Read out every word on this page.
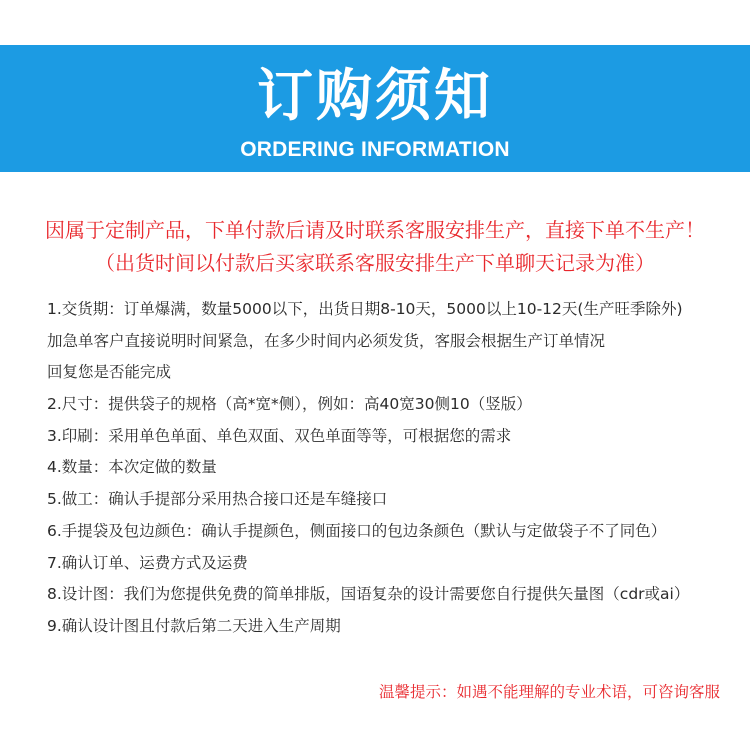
订购须知
ORDERING INFORMATION
因属于定制产品，下单付款后请及时联系客服安排生产，直接下单不生产！
（出货时间以付款后买家联系客服安排生产下单聊天记录为准）
1.交货期：订单爆满，数量5000以下，出货日期8-10天，5000以上10-12天(生产旺季除外)
加急单客户直接说明时间紧急，在多少时间内必须发货，客服会根据生产订单情况
回复您是否能完成
2.尺寸：提供袋子的规格（高*宽*侧），例如：高40宽30侧10（竖版）
3.印刷：采用单色单面、单色双面、双色单面等等，可根据您的需求
4.数量：本次定做的数量
5.做工：确认手提部分采用热合接口还是车缝接口
6.手提袋及包边颜色：确认手提颜色，侧面接口的包边条颜色（默认与定做袋子不了同色）
7.确认订单、运费方式及运费
8.设计图：我们为您提供免费的简单排版，国语复杂的设计需要您自行提供矢量图（cdr或ai）
9.确认设计图且付款后第二天进入生产周期
温馨提示：如遇不能理解的专业术语，可咨询客服
